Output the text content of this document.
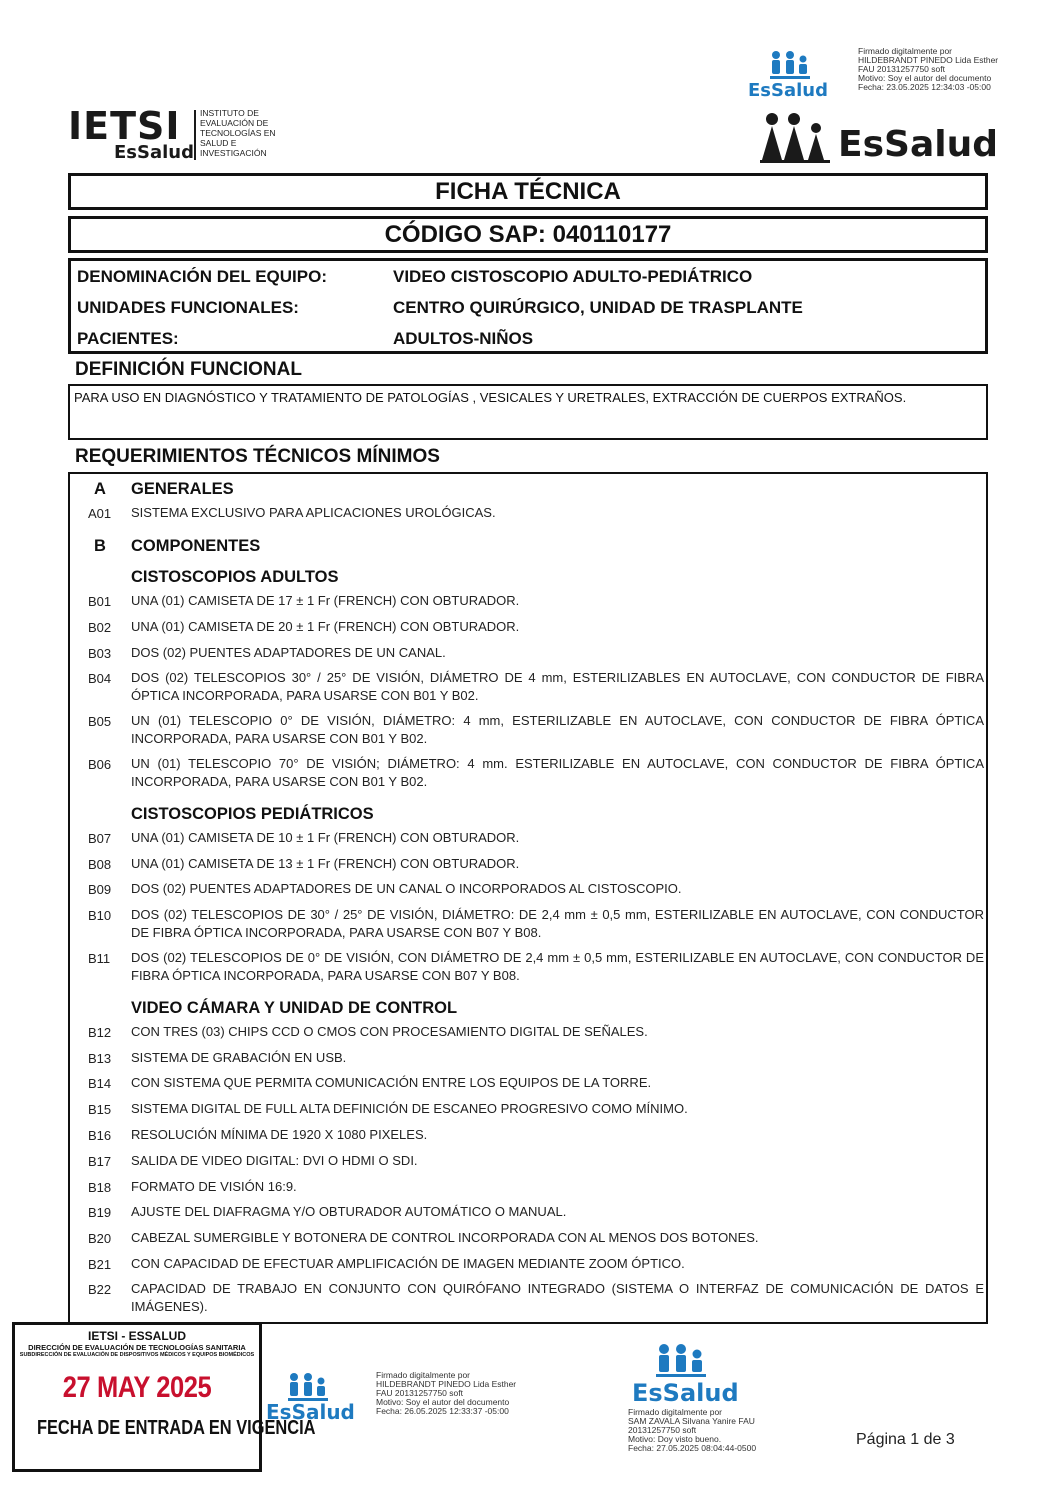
IETSI
EsSalud
INSTITUTO DE EVALUACIÓN DE TECNOLOGÍAS EN SALUD E INVESTIGACIÓN
EsSalud
Firmado digitalmente por
HILDEBRANDT PINEDO Lida Esther
FAU 20131257750 soft
Motivo: Soy el autor del documento
Fecha: 23.05.2025 12:34:03 -05:00
EsSalud
FICHA TÉCNICA
CÓDIGO SAP: 040110177
DENOMINACIÓN DEL EQUIPO:	VIDEO CISTOSCOPIO ADULTO-PEDIÁTRICO
UNIDADES FUNCIONALES:	CENTRO QUIRÚRGICO, UNIDAD DE TRASPLANTE
PACIENTES:	ADULTOS-NIÑOS
DEFINICIÓN FUNCIONAL
PARA USO EN DIAGNÓSTICO Y TRATAMIENTO DE PATOLOGÍAS , VESICALES Y URETRALES, EXTRACCIÓN DE CUERPOS EXTRAÑOS.
REQUERIMIENTOS TÉCNICOS MÍNIMOS
A GENERALES
B COMPONENTES
CISTOSCOPIOS ADULTOS
CISTOSCOPIOS PEDIÁTRICOS
VIDEO CÁMARA Y UNIDAD DE CONTROL
A01 SISTEMA EXCLUSIVO PARA APLICACIONES UROLÓGICAS.
B01 UNA (01) CAMISETA DE 17 ± 1 Fr (FRENCH) CON OBTURADOR.
B02 UNA (01) CAMISETA DE 20 ± 1 Fr (FRENCH) CON OBTURADOR.
B03 DOS (02) PUENTES ADAPTADORES DE UN CANAL.
B04 DOS (02) TELESCOPIOS 30° / 25° DE VISIÓN, DIÁMETRO DE 4 mm, ESTERILIZABLES EN AUTOCLAVE, CON CONDUCTOR DE FIBRA ÓPTICA INCORPORADA, PARA USARSE CON B01 Y B02.
B05 UN (01) TELESCOPIO 0° DE VISIÓN, DIÁMETRO: 4 mm, ESTERILIZABLE EN AUTOCLAVE, CON CONDUCTOR DE FIBRA ÓPTICA INCORPORADA, PARA USARSE CON B01 Y B02.
B06 UN (01) TELESCOPIO 70° DE VISIÓN; DIÁMETRO: 4 mm. ESTERILIZABLE EN AUTOCLAVE, CON CONDUCTOR DE FIBRA ÓPTICA INCORPORADA, PARA USARSE CON B01 Y B02.
B07 UNA (01) CAMISETA DE 10 ± 1 Fr (FRENCH) CON OBTURADOR.
B08 UNA (01) CAMISETA DE 13 ± 1 Fr (FRENCH) CON OBTURADOR.
B09 DOS (02) PUENTES ADAPTADORES DE UN CANAL O INCORPORADOS AL CISTOSCOPIO.
B10 DOS (02) TELESCOPIOS DE 30° / 25° DE VISIÓN, DIÁMETRO: DE 2,4 mm ± 0,5 mm, ESTERILIZABLE EN AUTOCLAVE, CON CONDUCTOR DE FIBRA ÓPTICA INCORPORADA, PARA USARSE CON B07 Y B08.
B11 DOS (02) TELESCOPIOS DE 0° DE VISIÓN, CON DIÁMETRO DE 2,4 mm ± 0,5 mm, ESTERILIZABLE EN AUTOCLAVE, CON CONDUCTOR DE FIBRA ÓPTICA INCORPORADA, PARA USARSE CON B07 Y B08.
B12 CON TRES (03) CHIPS CCD O CMOS CON PROCESAMIENTO DIGITAL DE SEÑALES.
B13 SISTEMA DE GRABACIÓN EN USB.
B14 CON SISTEMA QUE PERMITA COMUNICACIÓN ENTRE LOS EQUIPOS DE LA TORRE.
B15 SISTEMA DIGITAL DE FULL ALTA DEFINICIÓN DE ESCANEO PROGRESIVO COMO MÍNIMO.
B16 RESOLUCIÓN MÍNIMA DE 1920 X 1080 PIXELES.
B17 SALIDA DE VIDEO DIGITAL: DVI O HDMI O SDI.
B18 FORMATO DE VISIÓN 16:9.
B19 AJUSTE DEL DIAFRAGMA Y/O OBTURADOR AUTOMÁTICO O MANUAL.
B20 CABEZAL SUMERGIBLE Y BOTONERA DE CONTROL INCORPORADA CON AL MENOS DOS BOTONES.
B21 CON CAPACIDAD DE EFECTUAR AMPLIFICACIÓN DE IMAGEN MEDIANTE ZOOM ÓPTICO.
B22 CAPACIDAD DE TRABAJO EN CONJUNTO CON QUIRÓFANO INTEGRADO (SISTEMA O INTERFAZ DE COMUNICACIÓN DE DATOS E IMÁGENES).
IETSI - ESSALUD
DIRECCIÓN DE EVALUACIÓN DE TECNOLOGÍAS SANITARIA
SUBDIRECCIÓN DE EVALUACIÓN DE DISPOSITIVOS MÉDICOS Y EQUIPOS BIOMÉDICOS
27 MAY 2025
FECHA DE ENTRADA EN VIGENCIA
EsSalud
Firmado digitalmente por
HILDEBRANDT PINEDO Lida Esther
FAU 20131257750 soft
Motivo: Soy el autor del documento
Fecha: 26.05.2025 12:33:37 -05:00
EsSalud
Firmado digitalmente por
SAM ZAVALA Silvana Yanire FAU
20131257750 soft
Motivo: Doy visto bueno.
Fecha: 27.05.2025 08:04:44-0500	Página 1 de 3
